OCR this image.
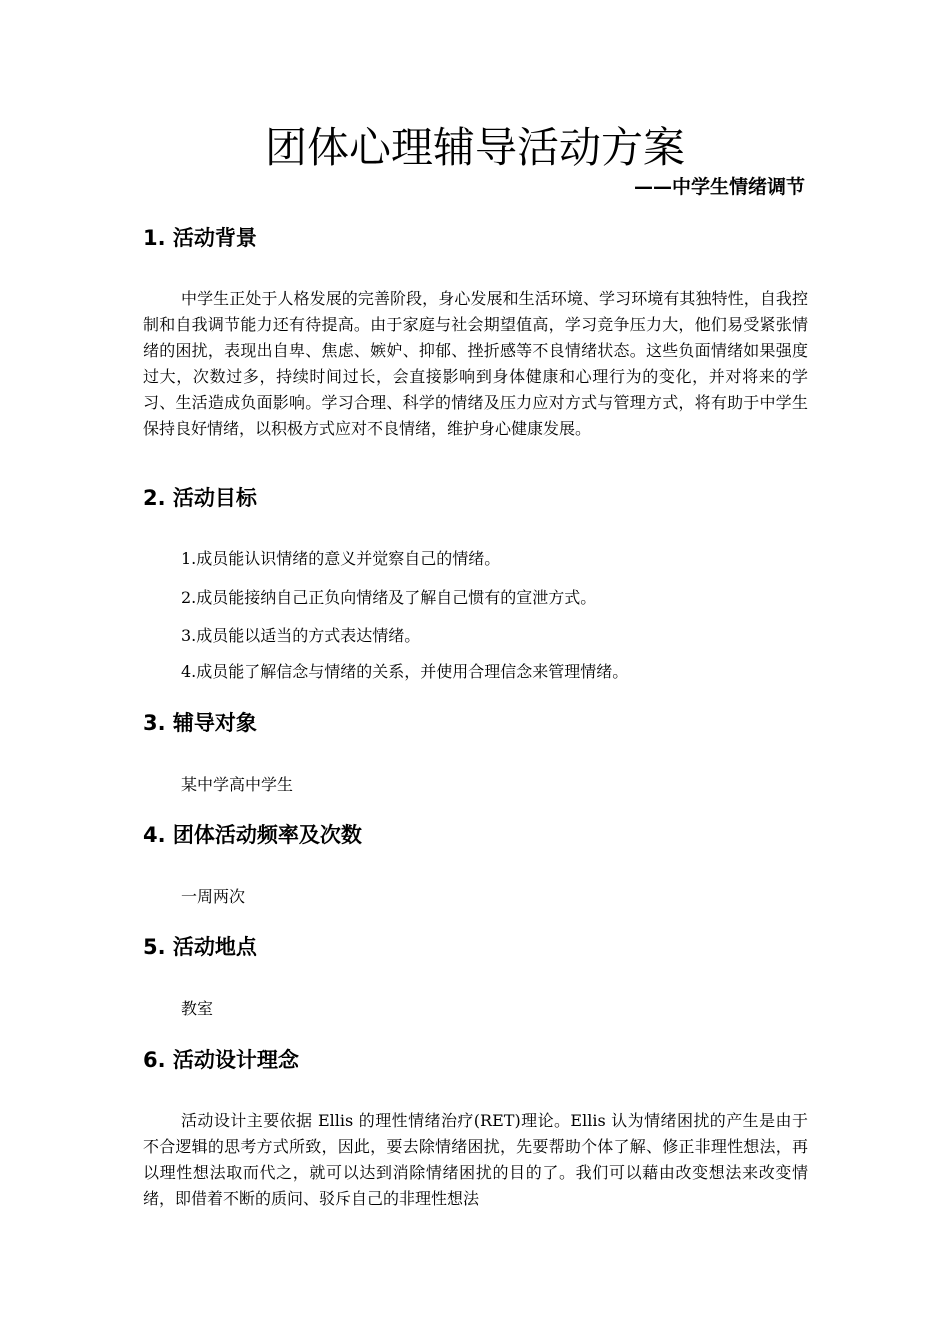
团体心理辅导活动方案

——中学生情绪调节

1. 活动背景

中学生正处于人格发展的完善阶段，身心发展和生活环境、学习环境有其独特性，自我控制和自我调节能力还有待提高。由于家庭与社会期望值高，学习竞争压力大，他们易受紧张情绪的困扰，表现出自卑、焦虑、嫉妒、抑郁、挫折感等不良情绪状态。这些负面情绪如果强度过大，次数过多，持续时间过长，会直接影响到身体健康和心理行为的变化，并对将来的学习、生活造成负面影响。学习合理、科学的情绪及压力应对方式与管理方式，将有助于中学生保持良好情绪，以积极方式应对不良情绪，维护身心健康发展。

2. 活动目标

1.成员能认识情绪的意义并觉察自己的情绪。

2.成员能接纳自己正负向情绪及了解自己惯有的宣泄方式。

3.成员能以适当的方式表达情绪。

4.成员能了解信念与情绪的关系，并使用合理信念来管理情绪。

3. 辅导对象

某中学高中学生

4. 团体活动频率及次数

一周两次

5. 活动地点

教室

6. 活动设计理念

活动设计主要依据 Ellis 的理性情绪治疗(RET)理论。Ellis 认为情绪困扰的产生是由于不合逻辑的思考方式所致，因此，要去除情绪困扰，先要帮助个体了解、修正非理性想法，再以理性想法取而代之，就可以达到消除情绪困扰的目的了。我们可以藉由改变想法来改变情绪，即借着不断的质问、驳斥自己的非理性想法
